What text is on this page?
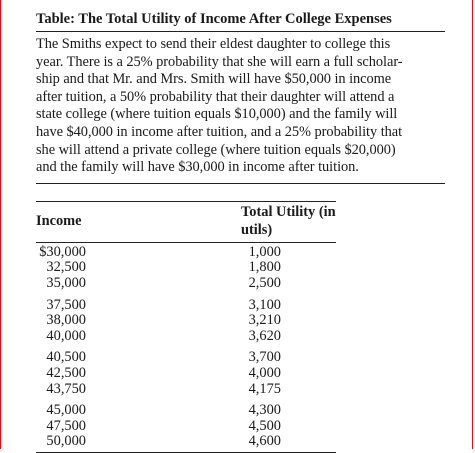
Table: The Total Utility of Income After College Expenses
The Smiths expect to send their eldest daughter to college this
year. There is a 25% probability that she will earn a full scholar-
ship and that Mr. and Mrs. Smith will have $50,000 in income
after tuition, a 50% probability that their daughter will attend a
state college (where tuition equals $10,000) and the family will
have $40,000 in income after tuition, and a 25% probability that
she will attend a private college (where tuition equals $20,000)
and the family will have $30,000 in income after tuition.
Income		Total Utility (in utils)	
$30,000		1,000	
32,500		1,800	
35,000		2,500	
37,500		3,100	
38,000		3,210	
40,000		3,620	
40,500		3,700	
42,500		4,000	
43,750		4,175	
45,000		4,300	
47,500		4,500	
50,000		4,600	
